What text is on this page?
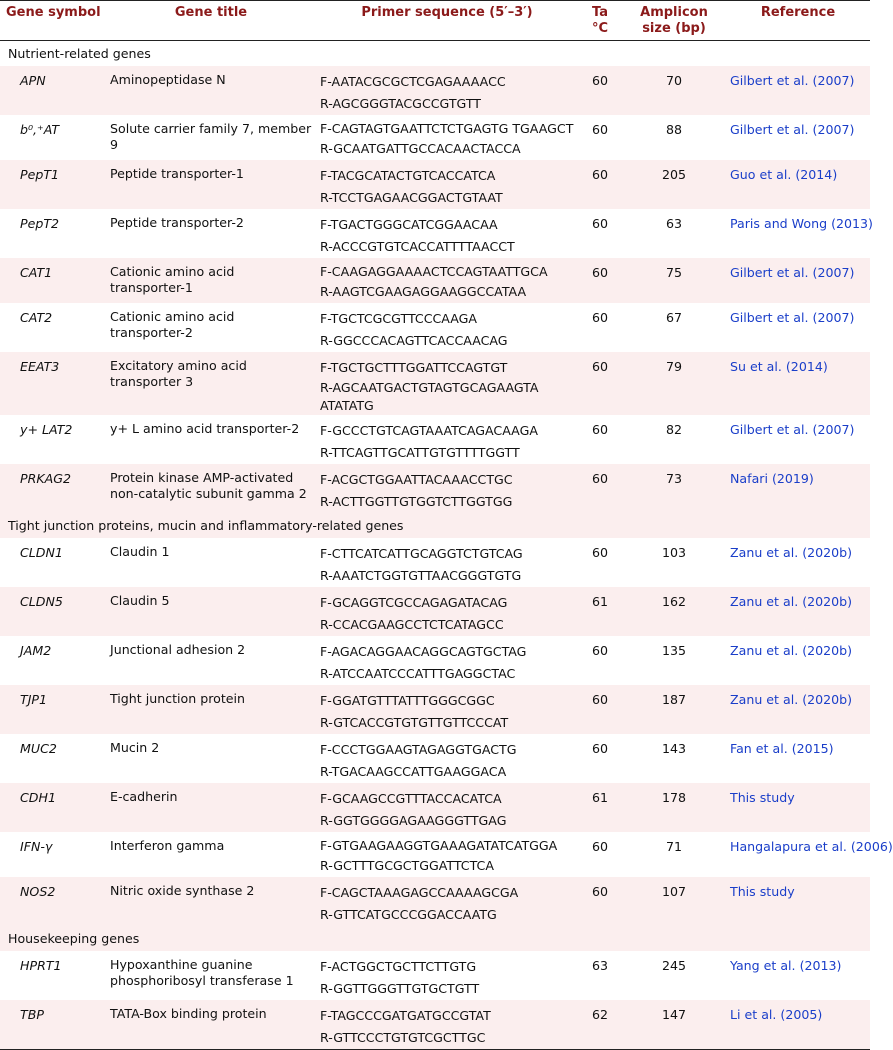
Gene symbol	Gene title	Primer sequence (5′–3′)	Ta °C	Amplicon size (bp)	Reference
Nutrient-related genes					
APN	Aminopeptidase N	F-AATACGCGCTCGAGAAAACC
R-AGCGGGTACGCCGTGTT	60	70	Gilbert et al. (2007)
b⁰,⁺AT	Solute carrier family 7, member 9	F-CAGTAGTGAATTCTCTGAGTG TGAAGCT
R-GCAATGATTGCCACAACTACCA	60	88	Gilbert et al. (2007)
PepT1	Peptide transporter-1	F-TACGCATACTGTCACCATCA
R-TCCTGAGAACGGACTGTAAT	60	205	Guo et al. (2014)
PepT2	Peptide transporter-2	F-TGACTGGGCATCGGAACAA
R-ACCCGTGTCACCATTTTAACCT	60	63	Paris and Wong (2013)
CAT1	Cationic amino acid transporter-1	F-CAAGAGGAAAACTCCAGTAATTGCA
R-AAGTCGAAGAGGAAGGCCATAA	60	75	Gilbert et al. (2007)
CAT2	Cationic amino acid transporter-2	F-TGCTCGCGTTCCCAAGA
R-GGCCCACAGTTCACCAACAG	60	67	Gilbert et al. (2007)
EEAT3	Excitatory amino acid transporter 3	F-TGCTGCTTTGGATTCCAGTGT
R-AGCAATGACTGTAGTGCAGAAGTA ATATATG	60	79	Su et al. (2014)
y+ LAT2	y+ L amino acid transporter-2	F-GCCCTGTCAGTAAATCAGACAAGA
R-TTCAGTTGCATTGTGTTTTGGTT	60	82	Gilbert et al. (2007)
PRKAG2	Protein kinase AMP-activated non-catalytic subunit gamma 2	F-ACGCTGGAATTACAAACCTGC
R-ACTTGGTTGTGGTCTTGGTGG	60	73	Nafari (2019)
Tight junction proteins, mucin and inflammatory-related genes					
CLDN1	Claudin 1	F-CTTCATCATTGCAGGTCTGTCAG
R-AAATCTGGTGTTAACGGGTGTG	60	103	Zanu et al. (2020b)
CLDN5	Claudin 5	F-GCAGGTCGCCAGAGATACAG
R-CCACGAAGCCTCTCATAGCC	61	162	Zanu et al. (2020b)
JAM2	Junctional adhesion 2	F-AGACAGGAACAGGCAGTGCTAG
R-ATCCAATCCCATTTGAGGCTAC	60	135	Zanu et al. (2020b)
TJP1	Tight junction protein	F-GGATGTTTATTTGGGCGGC
R-GTCACCGTGTGTTGTTCCCAT	60	187	Zanu et al. (2020b)
MUC2	Mucin 2	F-CCCTGGAAGTAGAGGTGACTG
R-TGACAAGCCATTGAAGGACA	60	143	Fan et al. (2015)
CDH1	E-cadherin	F-GCAAGCCGTTTACCACATCA
R-GGTGGGGAGAAGGGTTGAG	61	178	This study
IFN-γ	Interferon gamma	F-GTGAAGAAGGTGAAAGATATCATGGA
R-GCTTTGCGCTGGATTCTCA	60	71	Hangalapura et al. (2006)
NOS2	Nitric oxide synthase 2	F-CAGCTAAAGAGCCAAAAGCGA
R-GTTCATGCCCGGACCAATG	60	107	This study
Housekeeping genes					
HPRT1	Hypoxanthine guanine phosphoribosyl transferase 1	F-ACTGGCTGCTTCTTGTG
R-GGTTGGGTTGTGCTGTT	63	245	Yang et al. (2013)
TBP	TATA-Box binding protein	F-TAGCCCGATGATGCCGTAT
R-GTTCCCTGTGTCGCTTGC	62	147	Li et al. (2005)
